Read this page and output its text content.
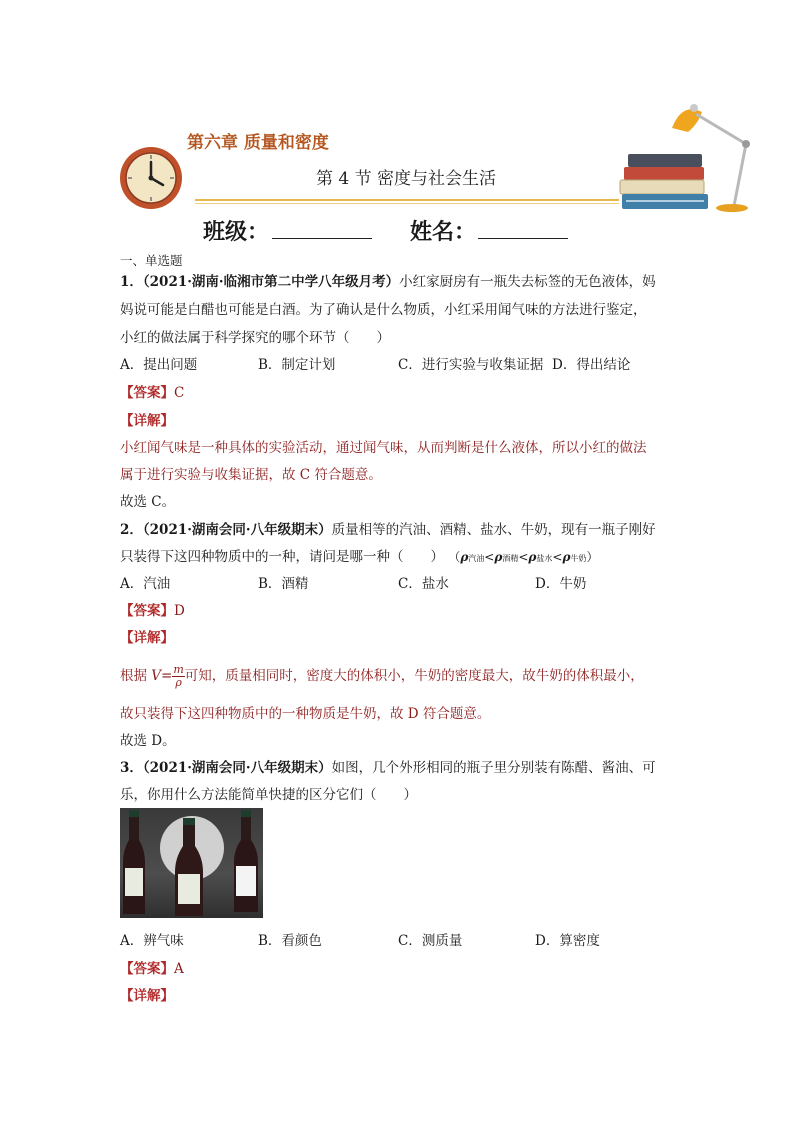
第六章 质量和密度
第 4 节 密度与社会生活
班级：	姓名：
一、单选题
1．（2021·湖南·临湘市第二中学八年级月考）小红家厨房有一瓶失去标签的无色液体，妈
妈说可能是白醋也可能是白酒。为了确认是什么物质，小红采用闻气味的方法进行鉴定，
小红的做法属于科学探究的哪个环节（　　）
A．提出问题	B．制定计划	C．进行实验与收集证据 D．得出结论
【答案】C
【详解】
小红闻气味是一种具体的实验活动，通过闻气味，从而判断是什么液体，所以小红的做法
属于进行实验与收集证据，故 C 符合题意。
故选 C。
2．（2021·湖南会同·八年级期末）质量相等的汽油、酒精、盐水、牛奶，现有一瓶子刚好
只装得下这四种物质中的一种，请问是哪一种（　　） （ρ汽油<ρ酒精<ρ盐水<ρ牛奶）
A．汽油	B．酒精	C．盐水	D．牛奶
【答案】D
【详解】
根据 $V= \frac{m}{\rho}$ 可知，质量相同时，密度大的体积小，牛奶的密度最大，故牛奶的体积最小，
故只装得下这四种物质中的一种物质是牛奶，故 D 符合题意。
故选 D。
3．（2021·湖南会同·八年级期末）如图，几个外形相同的瓶子里分别装有陈醋、酱油、可
乐，你用什么方法能简单快捷的区分它们（　　）
A．辨气味	B．看颜色	C．测质量	D．算密度
【答案】A
【详解】
